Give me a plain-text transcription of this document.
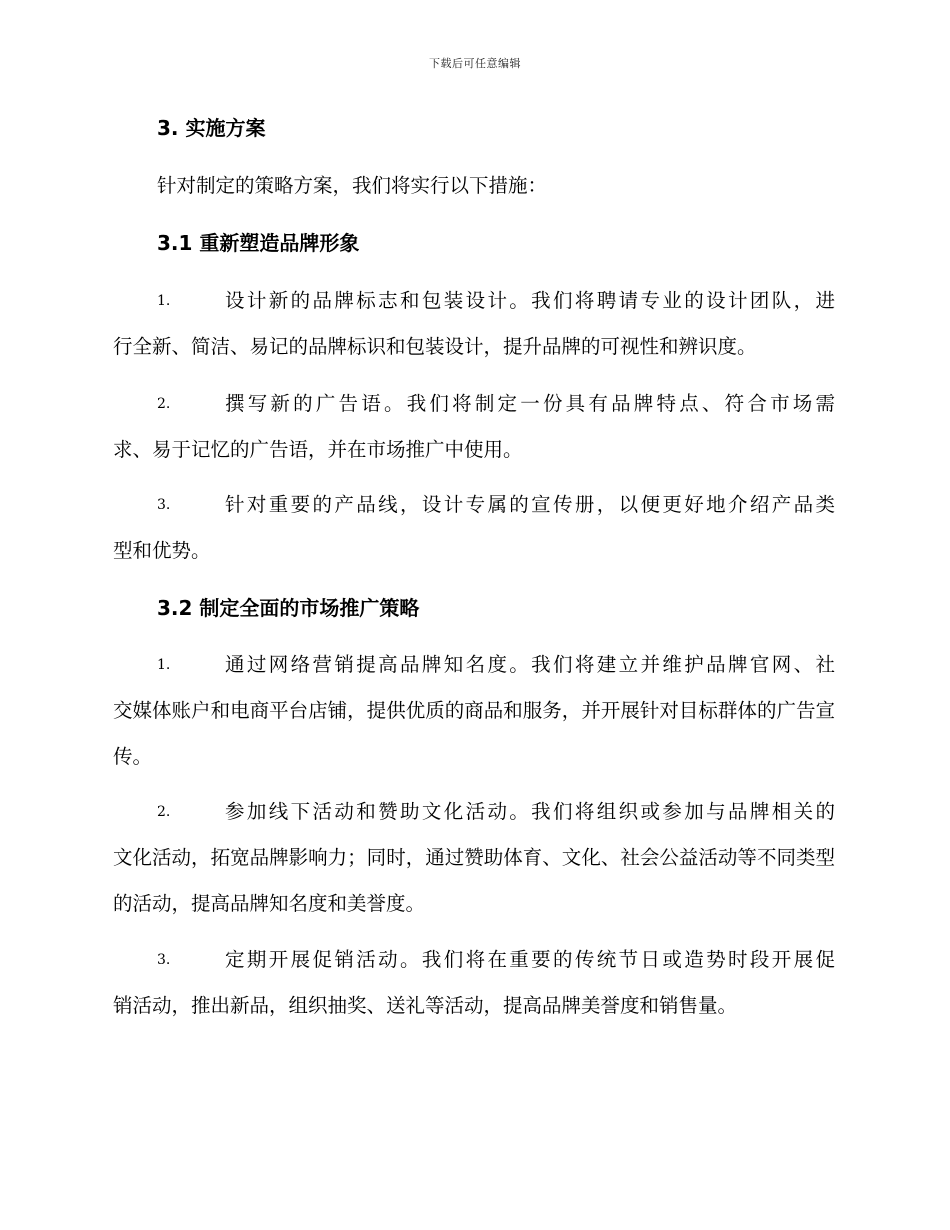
下载后可任意编辑
3. 实施方案
针对制定的策略方案，我们将实行以下措施：
3.1 重新塑造品牌形象
1.	设计新的品牌标志和包装设计。我们将聘请专业的设计团队，进
行全新、简洁、易记的品牌标识和包装设计，提升品牌的可视性和辨识度。
2.	撰写新的广告语。我们将制定一份具有品牌特点、符合市场需
求、易于记忆的广告语，并在市场推广中使用。
3.	针对重要的产品线，设计专属的宣传册，以便更好地介绍产品类
型和优势。
3.2 制定全面的市场推广策略
1.	通过网络营销提高品牌知名度。我们将建立并维护品牌官网、社
交媒体账户和电商平台店铺，提供优质的商品和服务，并开展针对目标群体的广告宣传。
2.	参加线下活动和赞助文化活动。我们将组织或参加与品牌相关的
文化活动，拓宽品牌影响力；同时，通过赞助体育、文化、社会公益活动等不同类型的活动，提高品牌知名度和美誉度。
3.	定期开展促销活动。我们将在重要的传统节日或造势时段开展促
销活动，推出新品，组织抽奖、送礼等活动，提高品牌美誉度和销售量。
